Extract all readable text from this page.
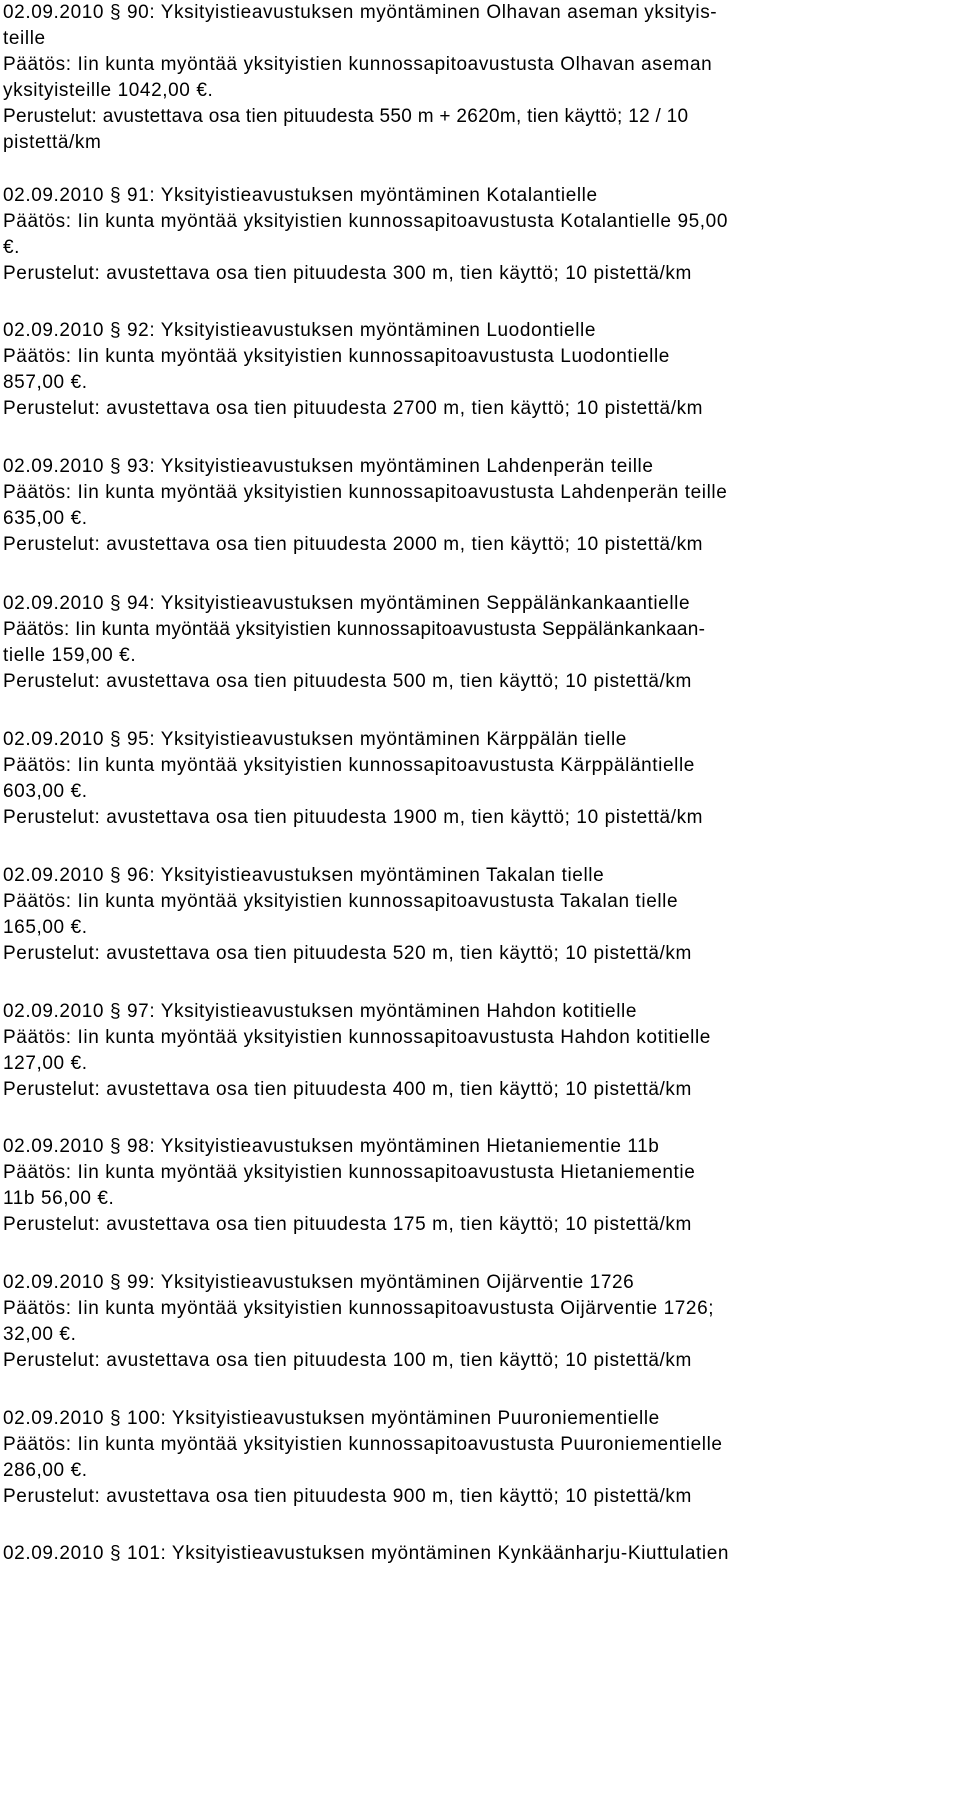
02.09.2010 § 90: Yksityistieavustuksen myöntäminen Olhavan aseman yksityis-
teille
Päätös: Iin kunta myöntää yksityistien kunnossapitoavustusta Olhavan aseman
yksityisteille 1042,00 €.
Perustelut: avustettava osa tien pituudesta 550 m + 2620m, tien käyttö; 12 / 10
pistettä/km
02.09.2010 § 91: Yksityistieavustuksen myöntäminen Kotalantielle
Päätös: Iin kunta myöntää yksityistien kunnossapitoavustusta Kotalantielle 95,00
€.
Perustelut: avustettava osa tien pituudesta 300 m, tien käyttö; 10 pistettä/km
02.09.2010 § 92: Yksityistieavustuksen myöntäminen Luodontielle
Päätös: Iin kunta myöntää yksityistien kunnossapitoavustusta Luodontielle
857,00 €.
Perustelut: avustettava osa tien pituudesta 2700 m, tien käyttö; 10 pistettä/km
02.09.2010 § 93: Yksityistieavustuksen myöntäminen Lahdenperän teille
Päätös: Iin kunta myöntää yksityistien kunnossapitoavustusta Lahdenperän teille
635,00 €.
Perustelut: avustettava osa tien pituudesta 2000 m, tien käyttö; 10 pistettä/km
02.09.2010 § 94: Yksityistieavustuksen myöntäminen Seppälänkankaantielle
Päätös: Iin kunta myöntää yksityistien kunnossapitoavustusta Seppälänkankaan-
tielle 159,00 €.
Perustelut: avustettava osa tien pituudesta 500 m, tien käyttö; 10 pistettä/km
02.09.2010 § 95: Yksityistieavustuksen myöntäminen Kärppälän tielle
Päätös: Iin kunta myöntää yksityistien kunnossapitoavustusta Kärppäläntielle
603,00 €.
Perustelut: avustettava osa tien pituudesta 1900 m, tien käyttö; 10 pistettä/km
02.09.2010 § 96: Yksityistieavustuksen myöntäminen Takalan tielle
Päätös: Iin kunta myöntää yksityistien kunnossapitoavustusta Takalan tielle
165,00 €.
Perustelut: avustettava osa tien pituudesta 520 m, tien käyttö; 10 pistettä/km
02.09.2010 § 97: Yksityistieavustuksen myöntäminen Hahdon kotitielle
Päätös: Iin kunta myöntää yksityistien kunnossapitoavustusta Hahdon kotitielle
127,00 €.
Perustelut: avustettava osa tien pituudesta 400 m, tien käyttö; 10 pistettä/km
02.09.2010 § 98: Yksityistieavustuksen myöntäminen Hietaniementie 11b
Päätös: Iin kunta myöntää yksityistien kunnossapitoavustusta Hietaniementie
11b 56,00 €.
Perustelut: avustettava osa tien pituudesta 175 m, tien käyttö; 10 pistettä/km
02.09.2010 § 99: Yksityistieavustuksen myöntäminen Oijärventie 1726
Päätös: Iin kunta myöntää yksityistien kunnossapitoavustusta Oijärventie 1726;
32,00 €.
Perustelut: avustettava osa tien pituudesta 100 m, tien käyttö; 10 pistettä/km
02.09.2010 § 100: Yksityistieavustuksen myöntäminen Puuroniementielle
Päätös: Iin kunta myöntää yksityistien kunnossapitoavustusta Puuroniementielle
286,00 €.
Perustelut: avustettava osa tien pituudesta 900 m, tien käyttö; 10 pistettä/km
02.09.2010 § 101: Yksityistieavustuksen myöntäminen Kynkäänharju-Kiuttulatien
